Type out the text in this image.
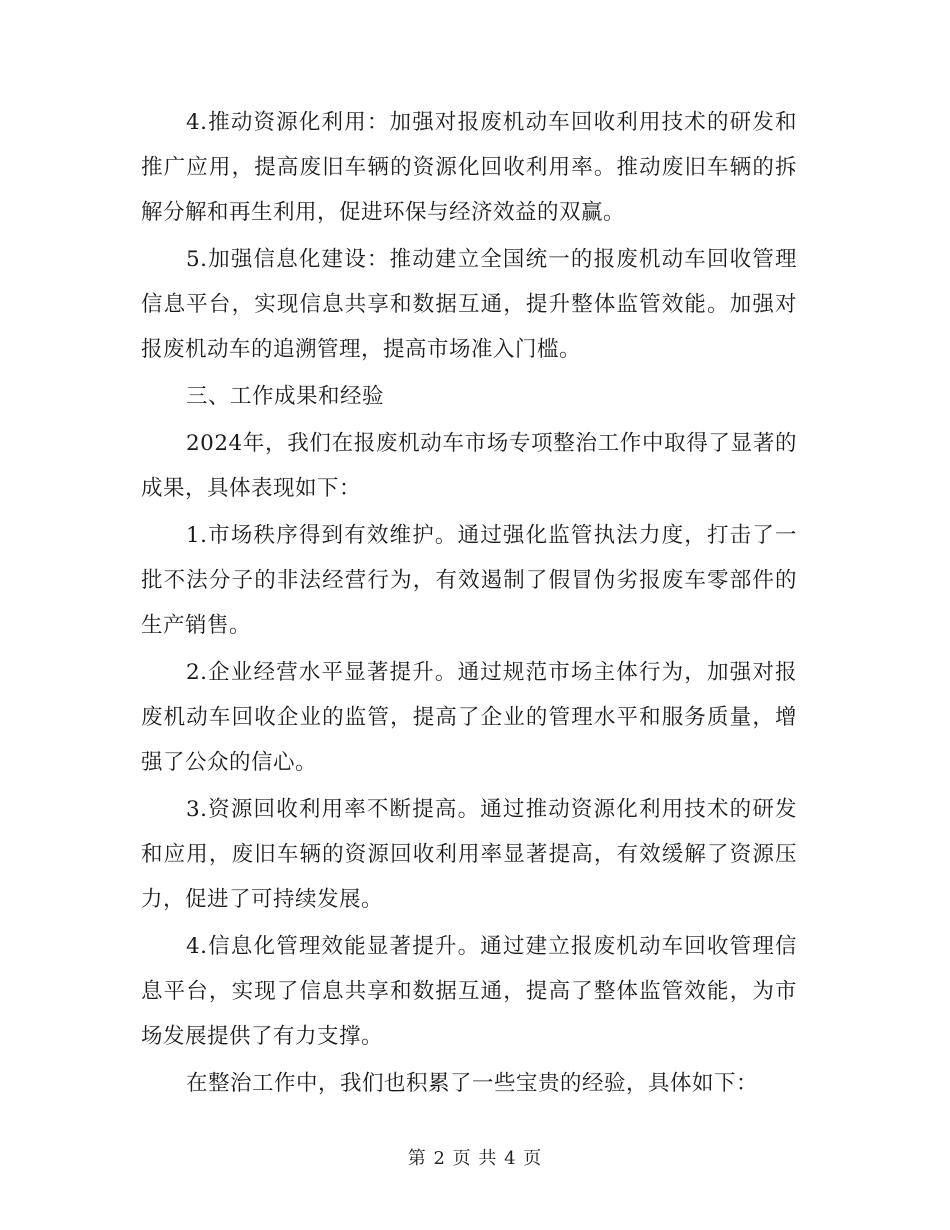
4.推动资源化利用：加强对报废机动车回收利用技术的研发和推广应用，提高废旧车辆的资源化回收利用率。推动废旧车辆的拆解分解和再生利用，促进环保与经济效益的双赢。

5.加强信息化建设：推动建立全国统一的报废机动车回收管理信息平台，实现信息共享和数据互通，提升整体监管效能。加强对报废机动车的追溯管理，提高市场准入门槛。

三、工作成果和经验

2024年，我们在报废机动车市场专项整治工作中取得了显著的成果，具体表现如下：

1.市场秩序得到有效维护。通过强化监管执法力度，打击了一批不法分子的非法经营行为，有效遏制了假冒伪劣报废车零部件的生产销售。

2.企业经营水平显著提升。通过规范市场主体行为，加强对报废机动车回收企业的监管，提高了企业的管理水平和服务质量，增强了公众的信心。

3.资源回收利用率不断提高。通过推动资源化利用技术的研发和应用，废旧车辆的资源回收利用率显著提高，有效缓解了资源压力，促进了可持续发展。

4.信息化管理效能显著提升。通过建立报废机动车回收管理信息平台，实现了信息共享和数据互通，提高了整体监管效能，为市场发展提供了有力支撑。

在整治工作中，我们也积累了一些宝贵的经验，具体如下：

第 2 页 共 4 页
